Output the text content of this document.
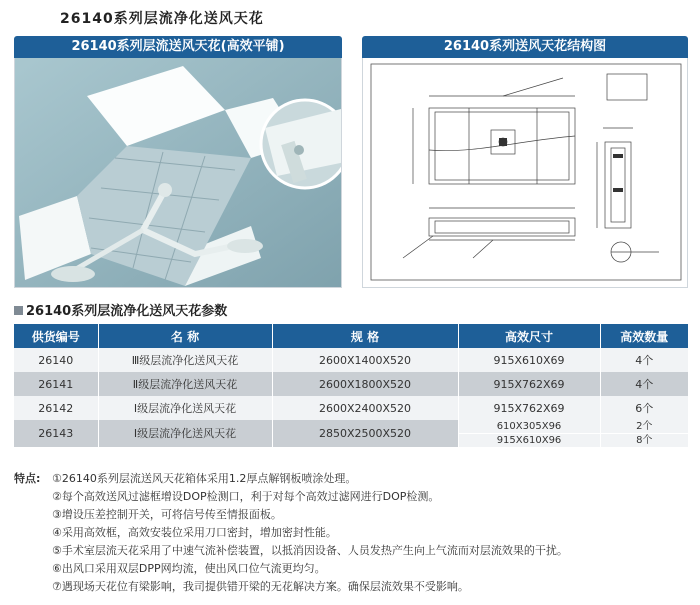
26140系列层流净化送风天花
26140系列层流送风天花(高效平铺)	26140系列送风天花结构图
26140系列层流净化送风天花参数
供货编号	名 称	规 格	高效尺寸	高效数量
26140	Ⅲ级层流净化送风天花	2600X1400X520	915X610X69	4个
26141	Ⅱ级层流净化送风天花	2600X1800X520	915X762X69	4个
26142	Ⅰ级层流净化送风天花	2600X2400X520	915X762X69	6个
26143	Ⅰ级层流净化送风天花	2850X2500X520	610X305X96	2个
			915X610X96	8个
特点: ①26140系列层流送风天花箱体采用1.2厚点解钢板喷涂处理。
②每个高效送风过滤框增设DOP检测口，利于对每个高效过滤网进行DOP检测。
③增设压差控制开关，可将信号传至情报面板。
④采用高效框，高效安装位采用刀口密封，增加密封性能。
⑤手术室层流天花采用了中速气流补偿装置，以抵消因设备、人员发热产生向上气流而对层流效果的干扰。
⑥出风口采用双层DPP网均流，使出风口位气流更均匀。
⑦遇现场天花位有梁影响，我司提供错开梁的无花解决方案。确保层流效果不受影响。
